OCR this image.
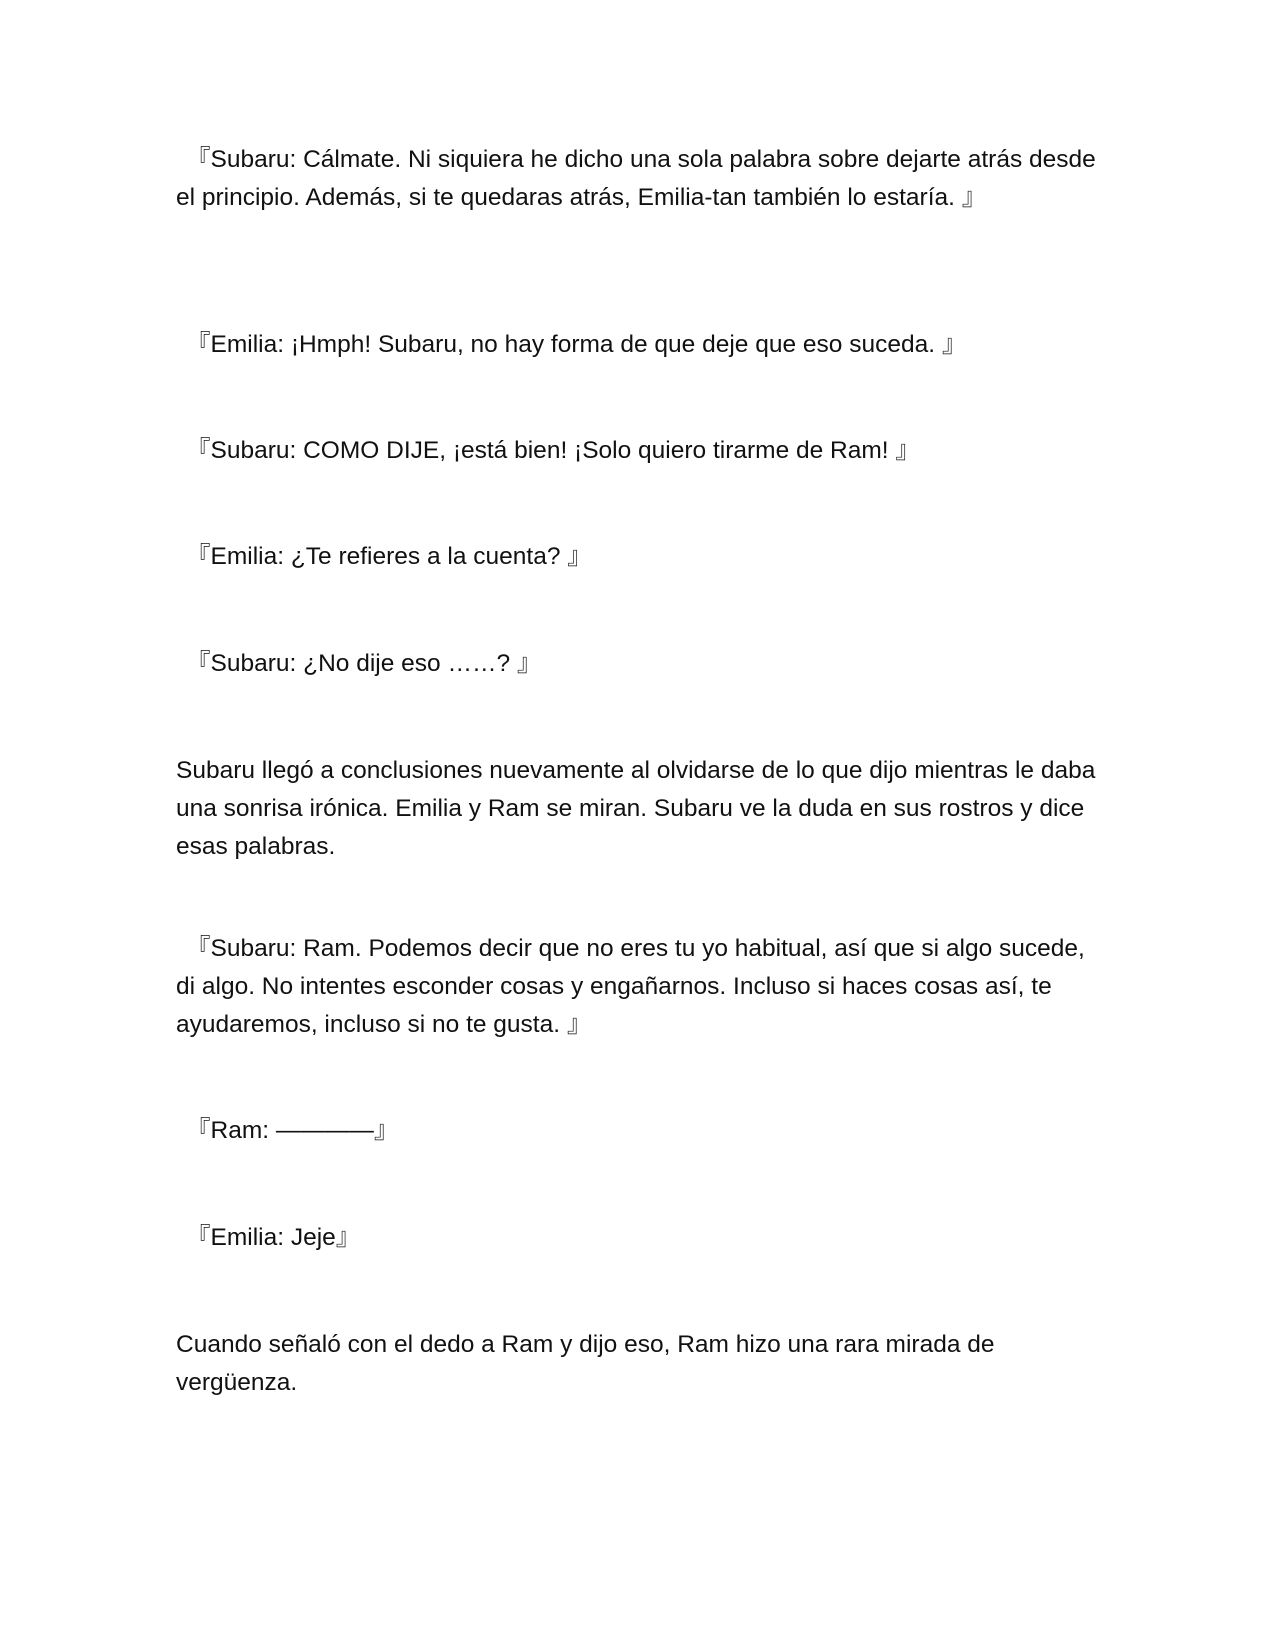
『Subaru: Cálmate. Ni siquiera he dicho una sola palabra sobre dejarte atrás desde el principio. Además, si te quedaras atrás, Emilia-tan también lo estaría. 』

『Emilia: ¡Hmph! Subaru, no hay forma de que deje que eso suceda. 』

『Subaru: COMO DIJE, ¡está bien! ¡Solo quiero tirarme de Ram! 』

『Emilia: ¿Te refieres a la cuenta? 』

『Subaru: ¿No dije eso ……? 』

Subaru llegó a conclusiones nuevamente al olvidarse de lo que dijo mientras le daba una sonrisa irónica. Emilia y Ram se miran. Subaru ve la duda en sus rostros y dice esas palabras.

『Subaru: Ram. Podemos decir que no eres tu yo habitual, así que si algo sucede, di algo. No intentes esconder cosas y engañarnos. Incluso si haces cosas así, te ayudaremos, incluso si no te gusta. 』

『Ram: ————』

『Emilia: Jeje』

Cuando señaló con el dedo a Ram y dijo eso, Ram hizo una rara mirada de vergüenza.
